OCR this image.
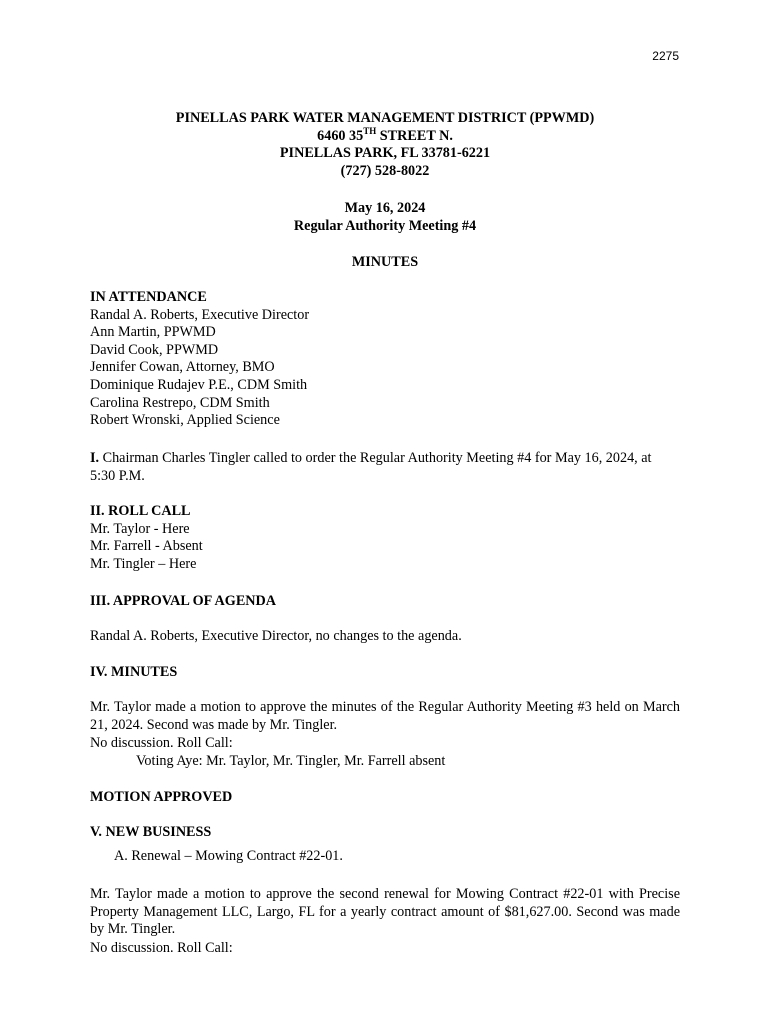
2275
PINELLAS PARK WATER MANAGEMENT DISTRICT (PPWMD)
6460 35TH STREET N.
PINELLAS PARK, FL 33781-6221
(727) 528-8022
May 16, 2024
Regular Authority Meeting #4
MINUTES
IN ATTENDANCE
Randal A. Roberts, Executive Director
Ann Martin, PPWMD
David Cook, PPWMD
Jennifer Cowan, Attorney, BMO
Dominique Rudajev P.E., CDM Smith
Carolina Restrepo, CDM Smith
Robert Wronski, Applied Science
I. Chairman Charles Tingler called to order the Regular Authority Meeting #4 for May 16, 2024, at 5:30 P.M.
II. ROLL CALL
Mr. Taylor - Here
Mr. Farrell - Absent
Mr. Tingler – Here
III. APPROVAL OF AGENDA
Randal A. Roberts, Executive Director, no changes to the agenda.
IV. MINUTES
Mr. Taylor made a motion to approve the minutes of the Regular Authority Meeting #3 held on March 21, 2024. Second was made by Mr. Tingler.
No discussion. Roll Call:
Voting Aye: Mr. Taylor, Mr. Tingler, Mr. Farrell absent
MOTION APPROVED
V. NEW BUSINESS
A. Renewal – Mowing Contract #22-01.
Mr. Taylor made a motion to approve the second renewal for Mowing Contract #22-01 with Precise Property Management LLC, Largo, FL for a yearly contract amount of $81,627.00. Second was made by Mr. Tingler.
No discussion. Roll Call:
